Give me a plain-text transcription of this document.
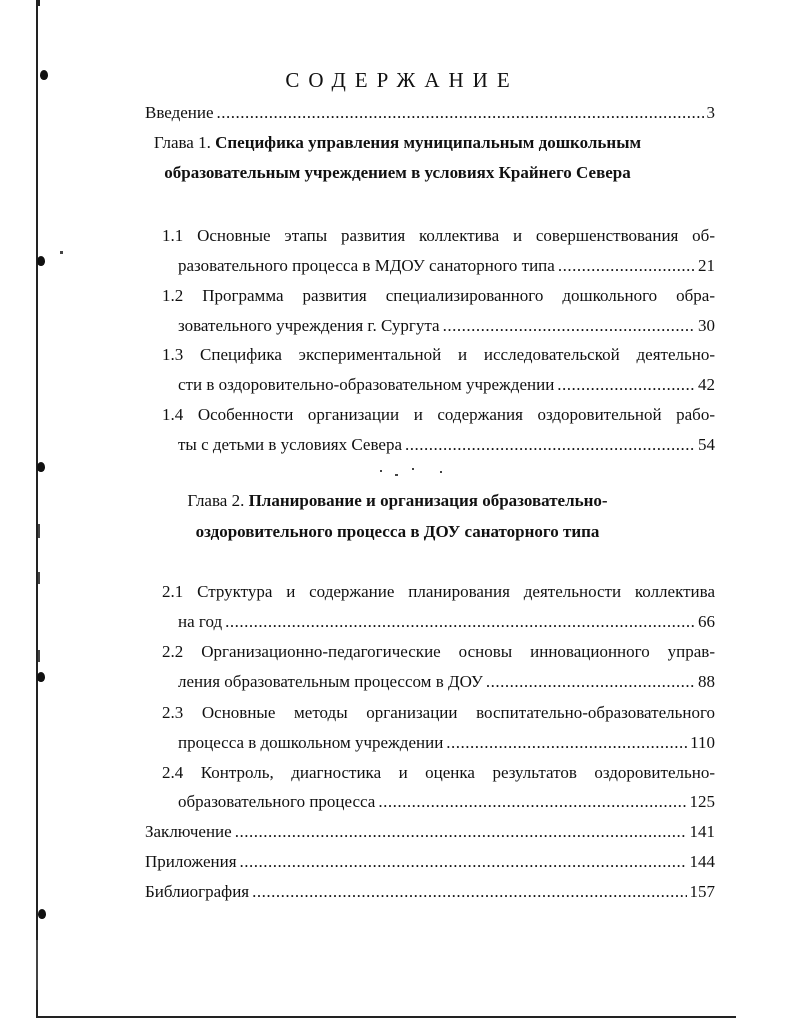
СОДЕРЖАНИЕ
Введение .....	3
Глава 1. Специфика управления муниципальным дошкольным
образовательным учреждением в условиях Крайнего Севера
1.1 Основные этапы развития коллектива и совершенствования об-
разовательного процесса в МДОУ санаторного типа .....	21
1.2 Программа развития специализированного дошкольного обра-
зовательного учреждения г. Сургута .....	30
1.3 Специфика экспериментальной и исследовательской деятельно-
сти в оздоровительно-образовательном учреждении .....	42
1.4 Особенности организации и содержания оздоровительной рабо-
ты с детьми в условиях Севера .....	54
Глава 2. Планирование и организация образовательно-
оздоровительного процесса в ДОУ санаторного типа
2.1 Структура и содержание планирования деятельности коллектива
на год .....	66
2.2 Организационно-педагогические основы инновационного управ-
ления образовательным процессом в ДОУ .....	88
2.3 Основные методы организации воспитательно-образовательного
процесса в дошкольном учреждении .....	110
2.4 Контроль, диагностика и оценка результатов оздоровительно-
образовательного процесса .....	125
Заключение .....	141
Приложения .....	144
Библиография .....	157
